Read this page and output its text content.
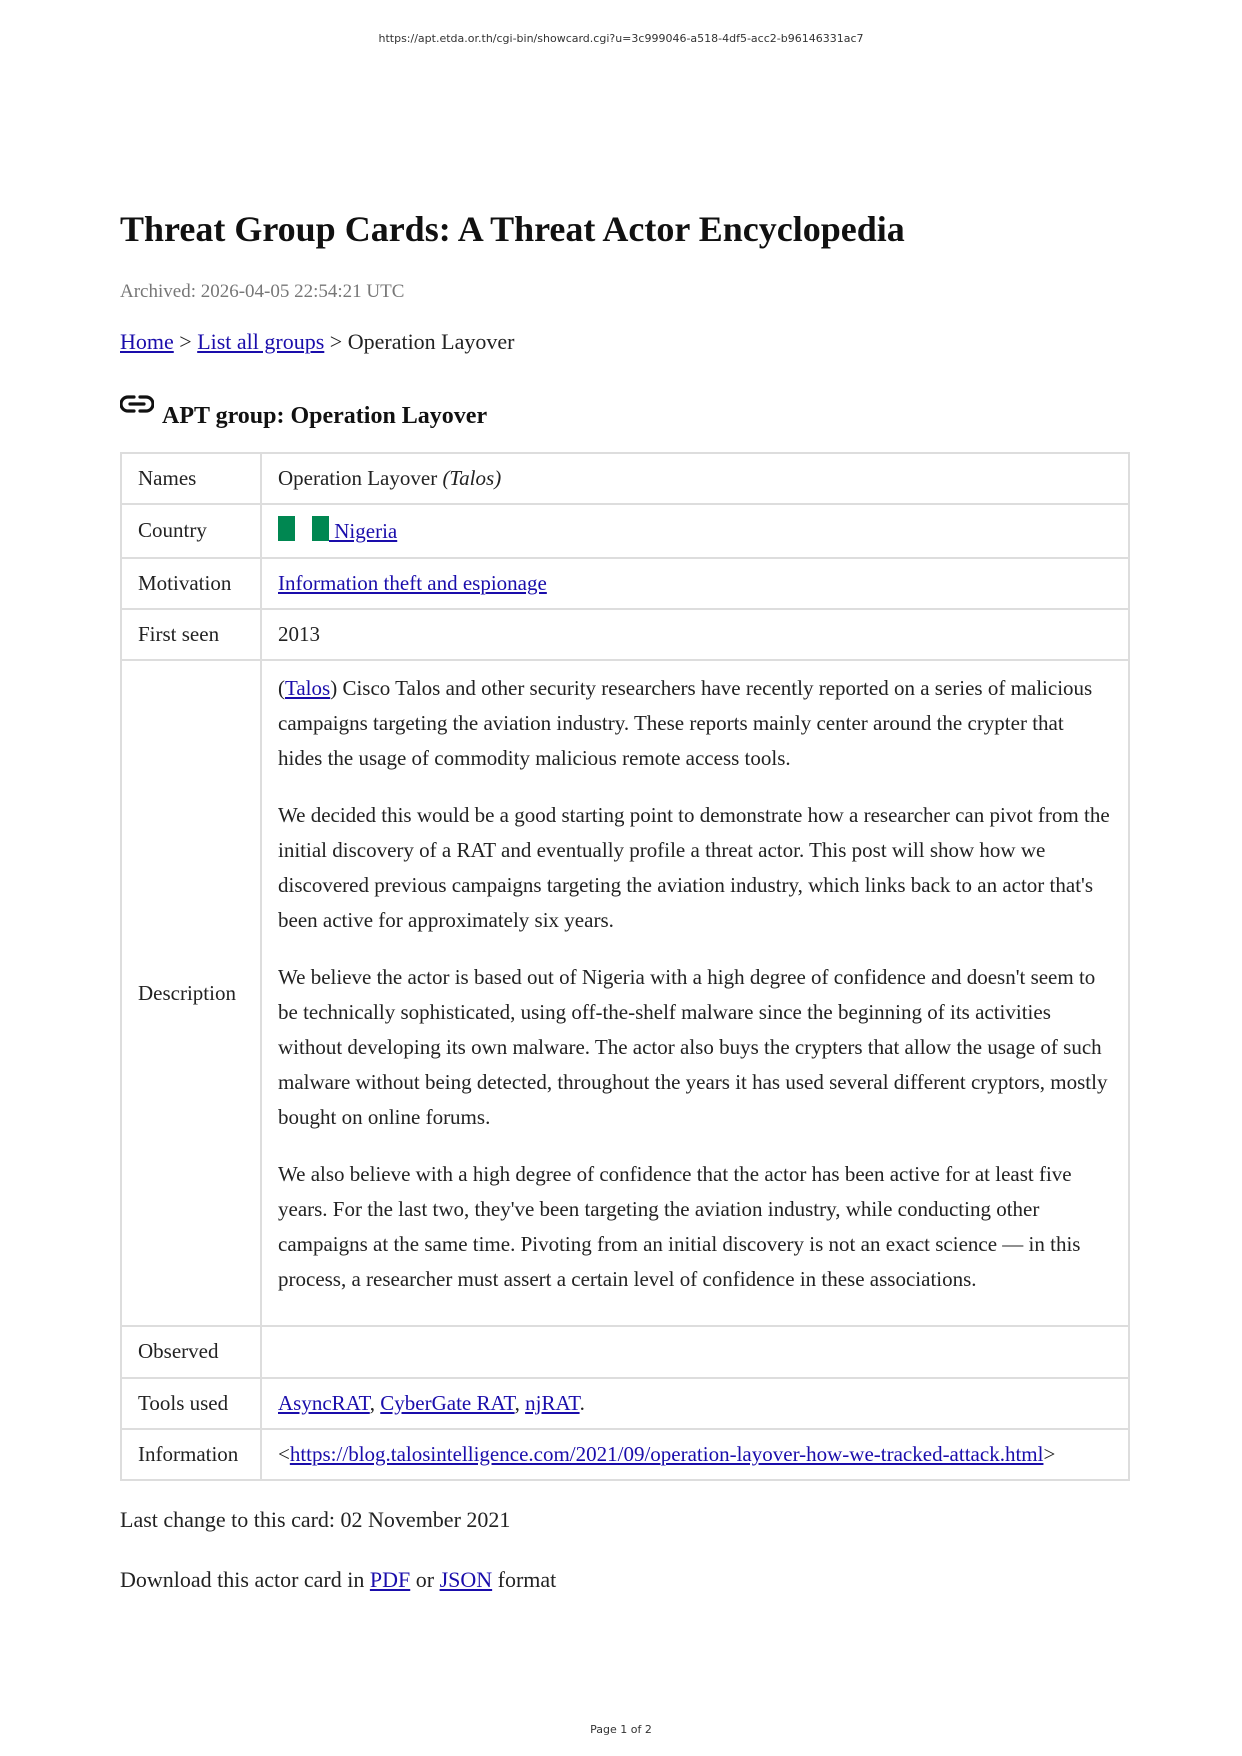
https://apt.etda.or.th/cgi-bin/showcard.cgi?u=3c999046-a518-4df5-acc2-b96146331ac7
Threat Group Cards: A Threat Actor Encyclopedia
Archived: 2026-04-05 22:54:21 UTC
Home > List all groups > Operation Layover
APT group: Operation Layover
Names	Operation Layover (Talos)
Country	Nigeria
Motivation	Information theft and espionage
First seen	2013
Description	(Talos) Cisco Talos and other security researchers have recently reported on a series of malicious campaigns targeting the aviation industry. These reports mainly center around the crypter that hides the usage of commodity malicious remote access tools.

We decided this would be a good starting point to demonstrate how a researcher can pivot from the initial discovery of a RAT and eventually profile a threat actor. This post will show how we discovered previous campaigns targeting the aviation industry, which links back to an actor that's been active for approximately six years.

We believe the actor is based out of Nigeria with a high degree of confidence and doesn't seem to be technically sophisticated, using off-the-shelf malware since the beginning of its activities without developing its own malware. The actor also buys the crypters that allow the usage of such malware without being detected, throughout the years it has used several different cryptors, mostly bought on online forums.

We also believe with a high degree of confidence that the actor has been active for at least five years. For the last two, they've been targeting the aviation industry, while conducting other campaigns at the same time. Pivoting from an initial discovery is not an exact science — in this process, a researcher must assert a certain level of confidence in these associations.

Observed	
Tools used	AsyncRAT, CyberGate RAT, njRAT.
Information	<https://blog.talosintelligence.com/2021/09/operation-layover-how-we-tracked-attack.html>
Last change to this card: 02 November 2021
Download this actor card in PDF or JSON format
Page 1 of 2
